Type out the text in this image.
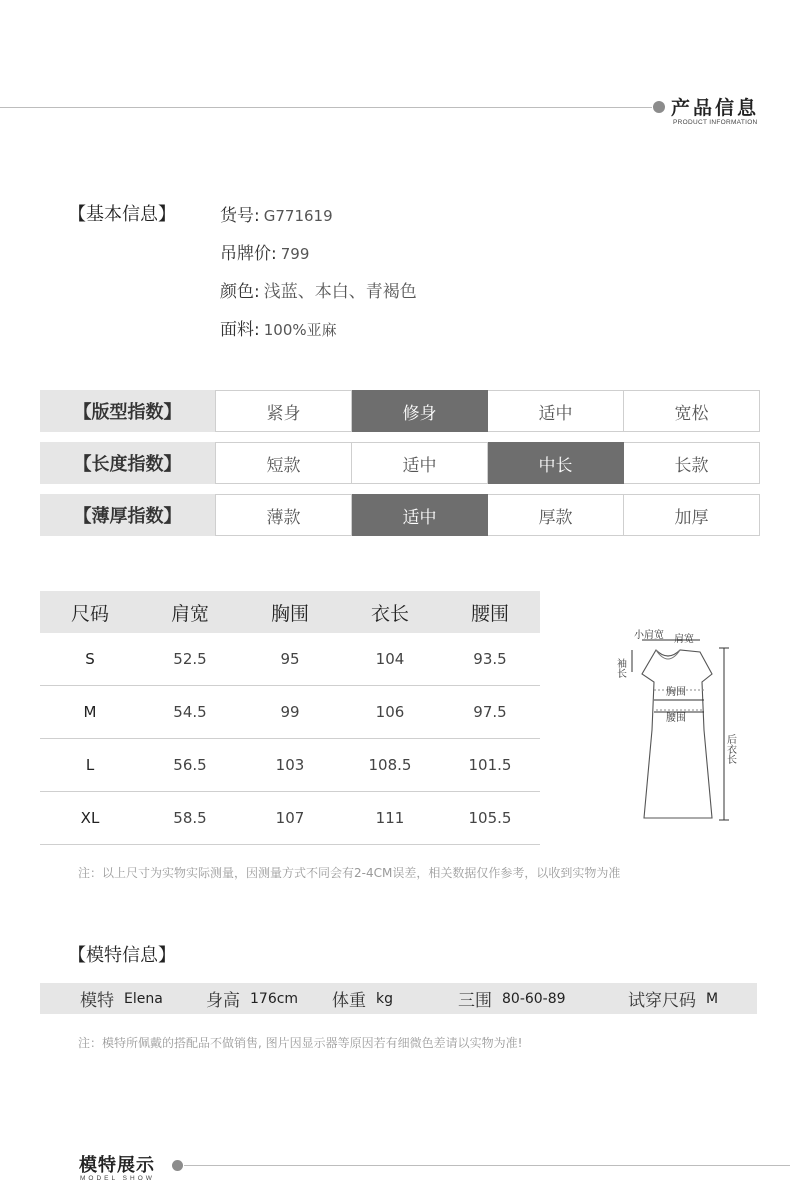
产品信息
PRODUCT INFORMATION
【基本信息】	货号: G771619
吊牌价: 799
颜色: 浅蓝、本白、青褐色
面料: 100%亚麻
【版型指数】	紧身	修身	适中	宽松
【长度指数】	短款	适中	中长	长款
【薄厚指数】	薄款	适中	厚款	加厚
尺码	肩宽	胸围	衣长	腰围
S	52.5	95	104	93.5
M	54.5	99	106	97.5
L	56.5	103	108.5	101.5
XL	58.5	107	111	105.5
小肩宽 肩宽
袖长
胸围
腰围
后衣长
注：以上尺寸为实物实际测量，因测量方式不同会有2-4CM误差，相关数据仅作参考，以收到实物为准
【模特信息】
模特 Elena	身高 176cm 体重 kg	三围 80-60-89	试穿尺码 M
注：模特所佩戴的搭配品不做销售, 图片因显示器等原因若有细微色差请以实物为准!
模特展示
MODEL SHOW
